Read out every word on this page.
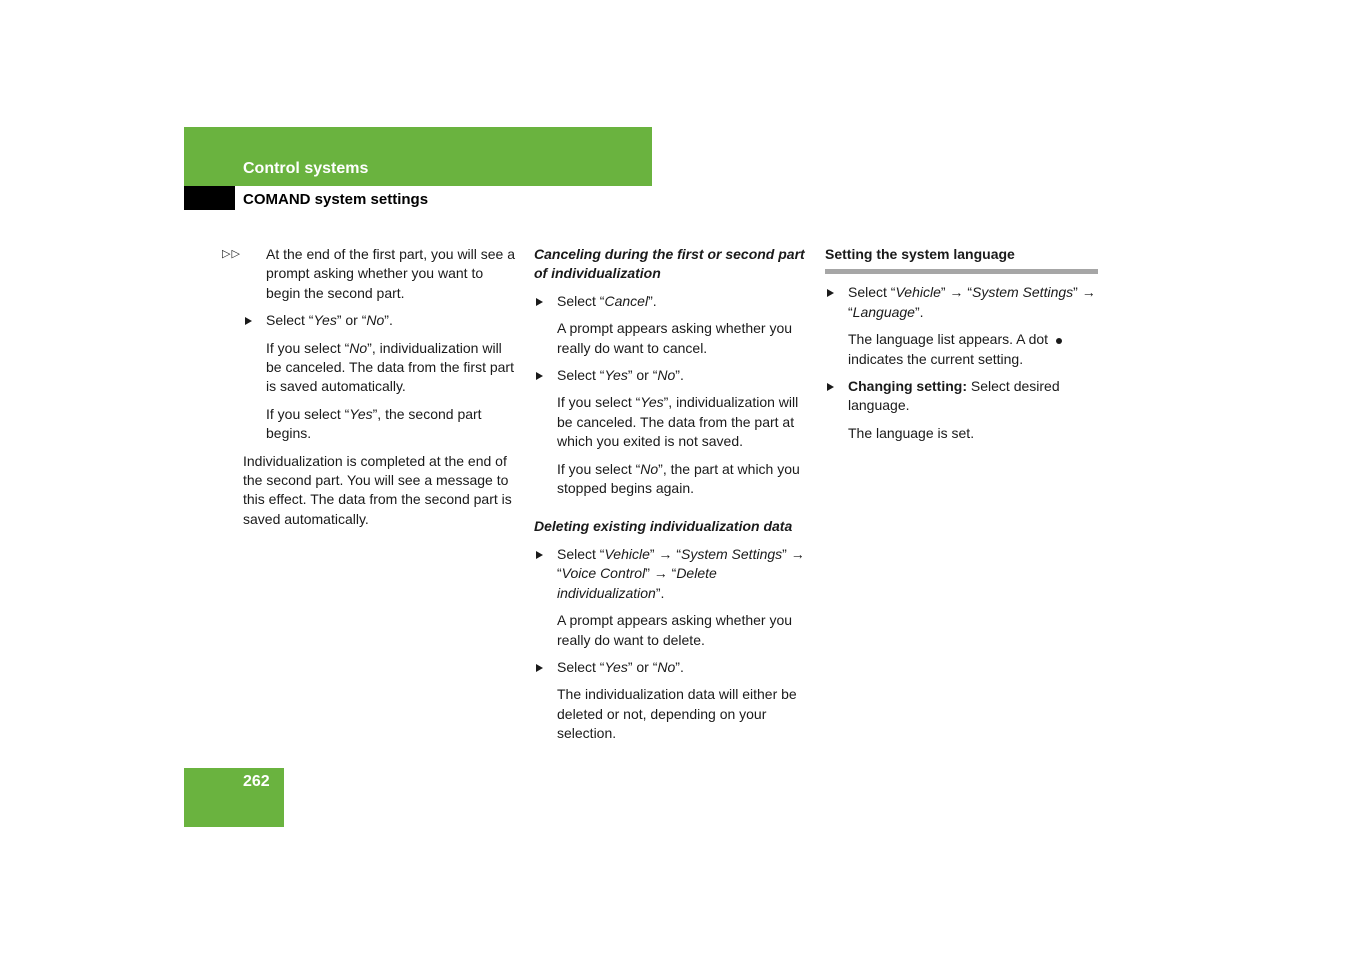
Control systems
COMAND system settings
▷▷	At the end of the first part, you will see a prompt asking whether you want to begin the second part.

Select “Yes” or “No”.

If you select “No”, individualization will be canceled. The data from the first part is saved automatically.

If you select “Yes”, the second part begins.

Individualization is completed at the end of the second part. You will see a message to this effect. The data from the second part is saved automatically.

Canceling during the first or second part of individualization

Select “Cancel”.

A prompt appears asking whether you really do want to cancel.

Select “Yes” or “No”.

If you select “Yes”, individualization will be canceled. The data from the part at which you exited is not saved.

If you select “No”, the part at which you stopped begins again.

Deleting existing individualization data

Select “Vehicle” → “System Settings” → “Voice Control” → “Delete individualization”.

A prompt appears asking whether you really do want to delete.

Select “Yes” or “No”.

The individualization data will either be deleted or not, depending on your selection.

Setting the system language

Select “Vehicle” → “System Settings” → “Language”.

The language list appears. A dotindicates the current setting.

Changing setting: Select desired language.

The language is set.

262
